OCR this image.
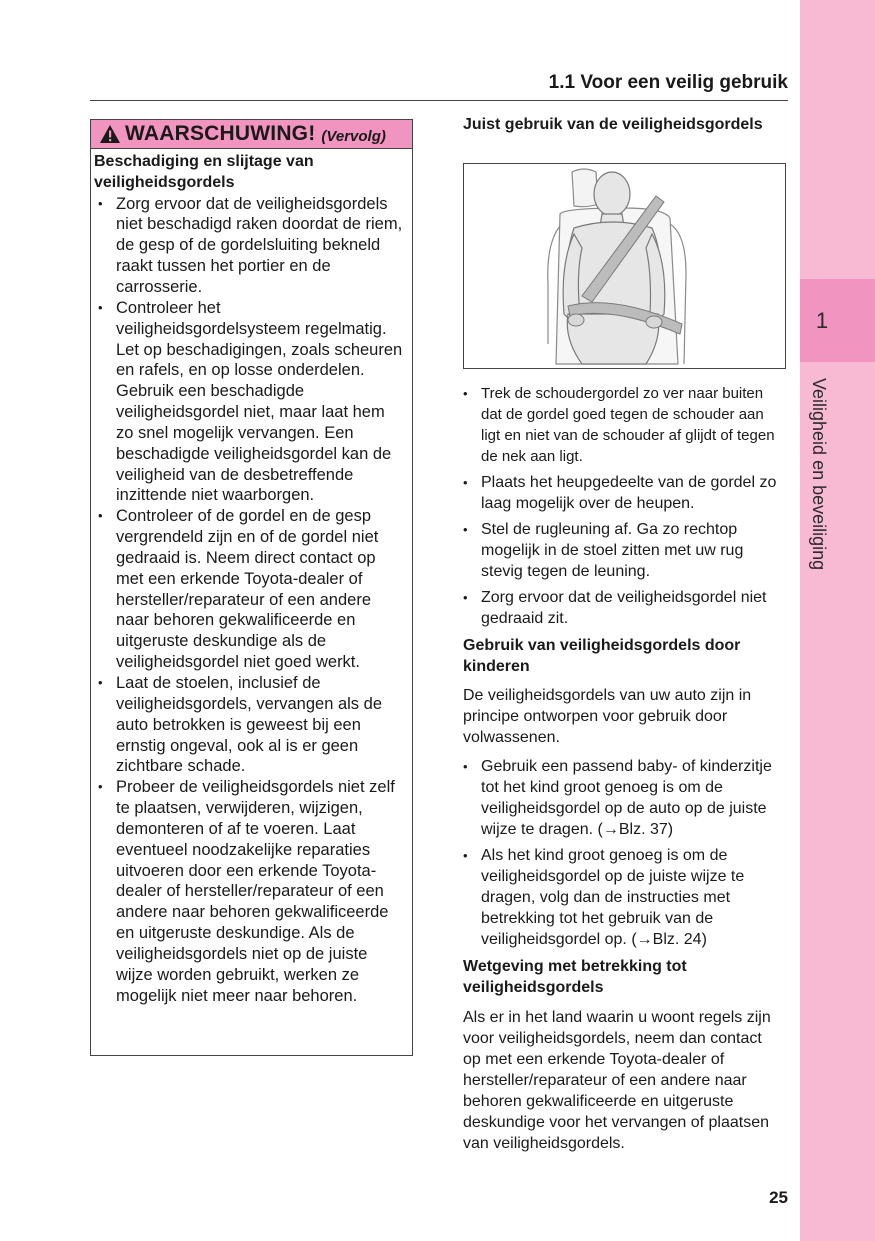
1
Veiligheid en beveiliging
1.1 Voor een veilig gebruik
WAARSCHUWING! (Vervolg)
Beschadiging en slijtage van veiligheidsgordels
• Zorg ervoor dat de veiligheidsgordels niet beschadigd raken doordat de riem, de gesp of de gordelsluiting bekneld raakt tussen het portier en de carrosserie.
• Controleer het veiligheidsgordelsysteem regelmatig. Let op beschadigingen, zoals scheuren en rafels, en op losse onderdelen. Gebruik een beschadigde veiligheidsgordel niet, maar laat hem zo snel mogelijk vervangen. Een beschadigde veiligheidsgordel kan de veiligheid van de desbetreffende inzittende niet waarborgen.
• Controleer of de gordel en de gesp vergrendeld zijn en of de gordel niet gedraaid is. Neem direct contact op met een erkende Toyota-dealer of hersteller/reparateur of een andere naar behoren gekwalificeerde en uitgeruste deskundige als de veiligheidsgordel niet goed werkt.
• Laat de stoelen, inclusief de veiligheidsgordels, vervangen als de auto betrokken is geweest bij een ernstig ongeval, ook al is er geen zichtbare schade.
• Probeer de veiligheidsgordels niet zelf te plaatsen, verwijderen, wijzigen, demonteren of af te voeren. Laat eventueel noodzakelijke reparaties uitvoeren door een erkende Toyota-dealer of hersteller/reparateur of een andere naar behoren gekwalificeerde en uitgeruste deskundige. Als de veiligheidsgordels niet op de juiste wijze worden gebruikt, werken ze mogelijk niet meer naar behoren.
Juist gebruik van de veiligheidsgordels
• Trek de schoudergordel zo ver naar buiten dat de gordel goed tegen de schouder aan ligt en niet van de schouder af glijdt of tegen de nek aan ligt.
• Plaats het heupgedeelte van de gordel zo laag mogelijk over de heupen.
• Stel de rugleuning af. Ga zo rechtop mogelijk in de stoel zitten met uw rug stevig tegen de leuning.
• Zorg ervoor dat de veiligheidsgordel niet gedraaid zit.
Gebruik van veiligheidsgordels door kinderen

De veiligheidsgordels van uw auto zijn in principe ontworpen voor gebruik door volwassenen.

• Gebruik een passend baby- of kinderzitje tot het kind groot genoeg is om de veiligheidsgordel op de auto op de juiste wijze te dragen. (→Blz. 37)
• Als het kind groot genoeg is om de veiligheidsgordel op de juiste wijze te dragen, volg dan de instructies met betrekking tot het gebruik van de veiligheidsgordel op. (→Blz. 24)
Wetgeving met betrekking tot veiligheidsgordels

Als er in het land waarin u woont regels zijn voor veiligheidsgordels, neem dan contact op met een erkende Toyota-dealer of hersteller/reparateur of een andere naar behoren gekwalificeerde en uitgeruste deskundige voor het vervangen of plaatsen van veiligheidsgordels.

25
